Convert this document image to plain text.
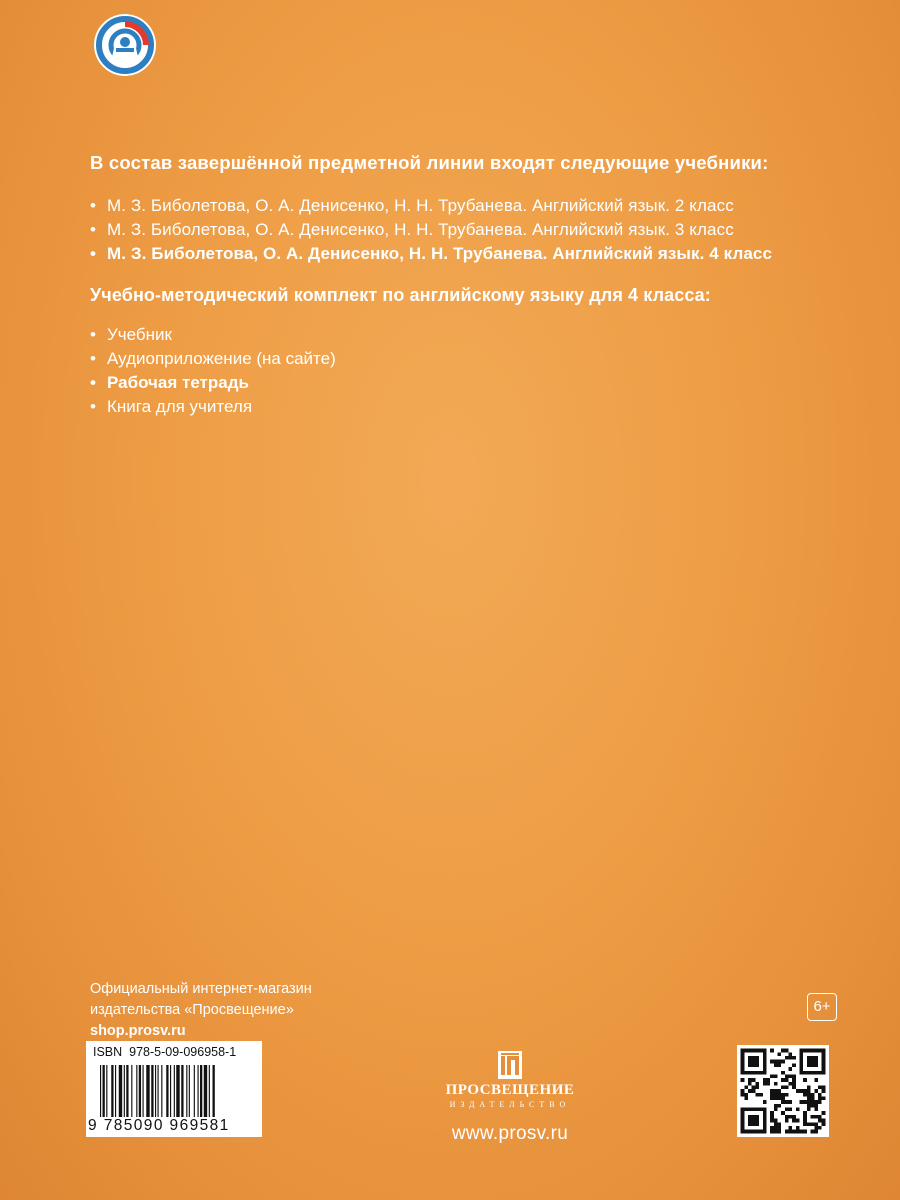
В состав завершённой предметной линии входят следующие учебники:

• М. З. Биболетова, О. А. Денисенко, Н. Н. Трубанева. Английский язык. 2 класс
• М. З. Биболетова, О. А. Денисенко, Н. Н. Трубанева. Английский язык. 3 класс
• М. З. Биболетова, О. А. Денисенко, Н. Н. Трубанева. Английский язык. 4 класс

Учебно-методический комплект по английскому языку для 4 класса:

• Учебник
• Аудиоприложение (на сайте)
• Рабочая тетрадь
• Книга для учителя
Официальный интернет-магазин
издательства «Просвещение»
shop.prosv.ru
6+
ISBN 978-5-09-096958-1
9 785090 969581
ПРОСВЕЩЕНИЕ
ИЗДАТЕЛЬСТВО
www.prosv.ru
